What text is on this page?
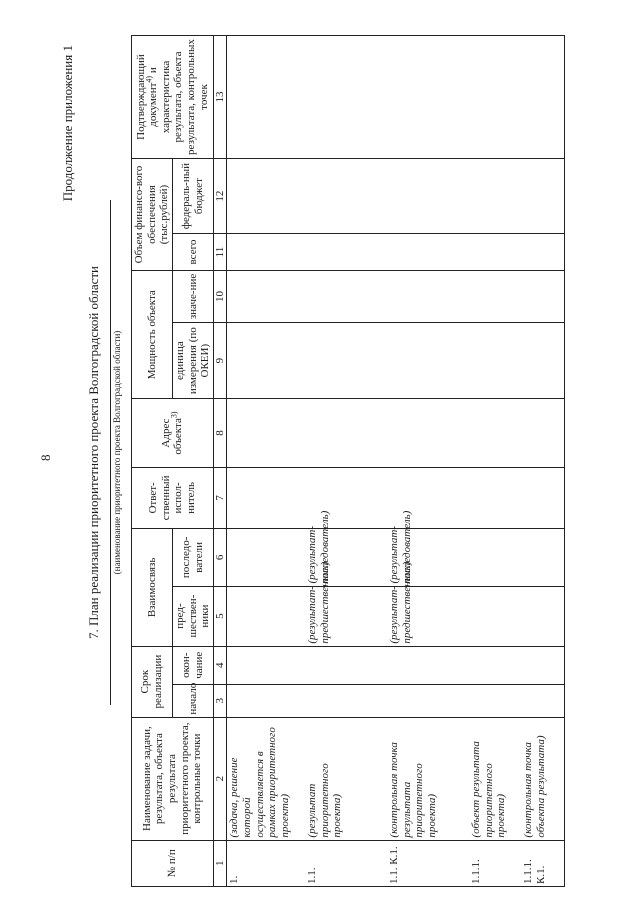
8
Продолжение приложения 1
7. План реализации приоритетного проекта Волгоградской области (наименование приоритетного проекта Волгоградской области)
№ п/п	Наименование задачи, результата, объекта результата приоритетного проекта, контрольные точки	Срок реализации		Взаимосвязь		Ответ-ственный испол-нитель	Адрес объекта$^{3)}$	Мощность объекта		Объем финансо-вого обеспечения (тыс.рублей)		Подтверждающий документ$^{4)}$ и характеристика результата, объекта результата, контрольных точек
		начало	окон-чание	пред-шествен-ники	последо-ватели			единица измерения (по ОКЕИ)	значе-ние	всего	федераль-ный бюджет	
1	2	3	4	5	6	7	8	9	10	11	12	13
1.	(задача, решение которой осуществляется в рамках приоритетного проекта)											
1.1.	(результат приоритетного проекта)			(результат-предшественник)	(результат-последователь)							
1.1. К.1.	(контрольная точка результата приоритетного проекта)			(результат-предшественник)	(результат-последователь)							
1.1.1.	(объект результата приоритетного проекта)											
1.1.1. К.1.	(контрольная точка объекта результата)											
